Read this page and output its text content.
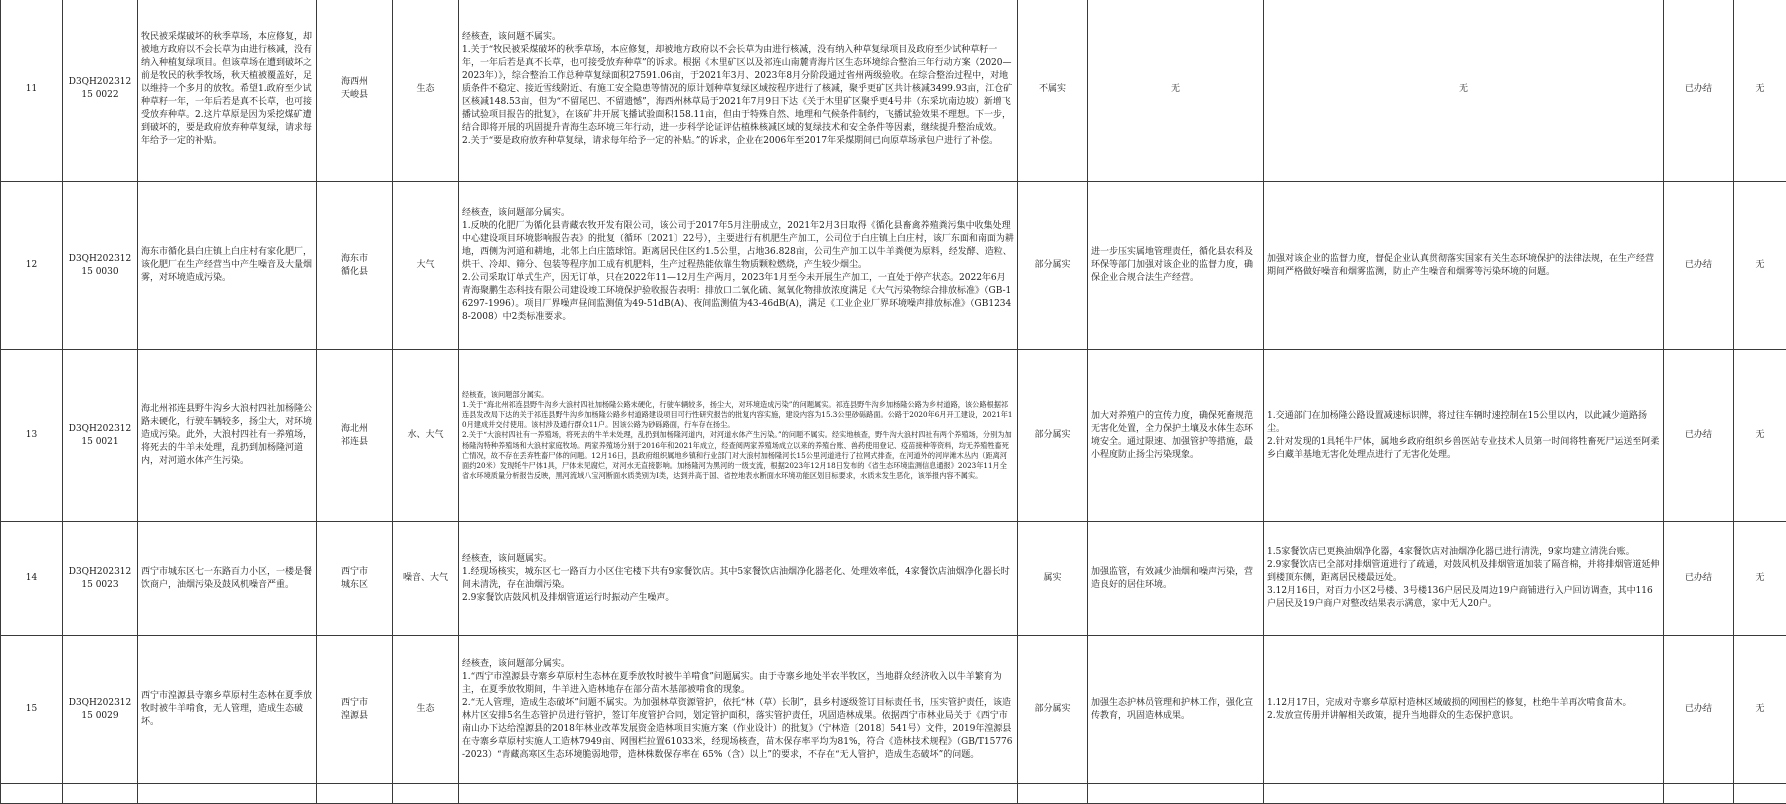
11	D3QH20231215 0022	牧民被采煤破坏的秋季草场，本应修复，却被地方政府以不会长草为由进行核减，没有纳入种植复绿项目。但该草场在遭到破坏之前是牧民的秋季牧场，秋天植被覆盖好，足以维持一个多月的放牧。希望1.政府至少试种草籽一年，一年后若是真不长草，也可接受放弃种草。2.这片草原是因为采挖煤矿遭到破坏的，要是政府放弃种草复绿，请求每年给予一定的补贴。	海西州
天峻县	生态	经核查，该问题不属实。
1.关于“牧民被采煤破坏的秋季草场，本应修复，却被地方政府以不会长草为由进行核减，没有纳入种草复绿项目及政府至少试种草籽一年，一年后若是真不长草，也可接受放弃种草”的诉求。根据《木里矿区以及祁连山南麓青海片区生态环境综合整治三年行动方案（2020—2023年）》，综合整治工作总种草复绿面积27591.06亩，于2021年3月、2023年8月分阶段通过省州两级验收。在综合整治过程中，对地质条件不稳定、接近雪线附近、有施工安全隐患等情况的原计划种草复绿区域按程序进行了核减，聚乎更矿区共计核减3499.93亩，江仓矿区核减148.53亩，但为“不留尾巴、不留遗憾”，海西州林草局于2021年7月9日下达《关于木里矿区聚乎更4号井（东采坑南边坡）新增飞播试验项目报告的批复》，在该矿井开展飞播试验面积158.11亩，但由于特殊自然、地理和气候条件制约，飞播试验效果不理想。下一步，结合即将开展的巩固提升青海生态环境三年行动，进一步科学论证评估植株核减区域的复绿技术和安全条件等因素，继续提升整治成效。
2.关于“要是政府放弃种草复绿，请求每年给予一定的补贴。”的诉求，企业在2006年至2017年采煤期间已向原草场承包户进行了补偿。	不属实	无	无	已办结	无
12	D3QH20231215 0030	海东市循化县白庄镇上白庄村有家化肥厂，该化肥厂在生产经营当中产生噪音及大量烟雾，对环境造成污染。	海东市
循化县	大气	经核查，该问题部分属实。
1.反映的化肥厂为循化县青藏农牧开发有限公司，该公司于2017年5月注册成立，2021年2月3日取得《循化县畜禽养殖粪污集中收集处理中心建设项目环境影响报告表》的批复（循环〔2021〕22号），主要进行有机肥生产加工，公司位于白庄镇上白庄村，该厂东面和南面为耕地，西侧为河道和耕地，北邻上白庄篮球馆。距离居民住区约1.5公里，占地36.828亩，公司生产加工以牛羊粪便为原料，经发酵、造粒、烘干、冷却、筛分、包装等程序加工成有机肥料，生产过程热能依靠生物质颗粒燃烧，产生较少烟尘。
2.公司采取订单式生产，因无订单，只在2022年11—12月生产两月，2023年1月至今未开展生产加工，一直处于停产状态。2022年6月青海聚鹏生态科技有限公司建设竣工环境保护验收报告表明：排放口二氧化硫、氮氧化物排放浓度满足《大气污染物综合排放标准》（GB-16297-1996）。项目厂界噪声昼间监测值为49-51dB(A)、夜间监测值为43-46dB(A)，满足《工业企业厂界环境噪声排放标准》（GB12348-2008）中2类标准要求。	部分属实	进一步压实属地管理责任，循化县农科及环保等部门加强对该企业的监督力度，确保企业合规合法生产经营。	加强对该企业的监督力度，督促企业认真贯彻落实国家有关生态环境保护的法律法规，在生产经营期间严格做好噪音和烟雾监测，防止产生噪音和烟雾等污染环境的问题。	已办结	无
13	D3QH20231215 0021	海北州祁连县野牛沟乡大浪村四社加杨隆公路未硬化，行驶车辆较多，扬尘大，对环境造成污染。此外，大浪村四社有一养殖场，将死去的牛羊未处理，乱扔到加杨隆河道内，对河道水体产生污染。	海北州
祁连县	水、大气	经核查，该问题部分属实。
1.关于“海北州祁连县野牛沟乡大浪村四社加杨隆公路未硬化，行驶车辆较多，扬尘大，对环境造成污染”的问题属实。祁连县野牛沟乡加杨隆公路为乡村道路，该公路根据祁连县发改局下达的关于祁连县野牛沟乡加杨隆公路乡村道路建设项目可行性研究报告的批复内容实施，建设内容为15.3公里砂砾路面。公路于2020年6月开工建设，2021年10月建成并交付使用。该村涉及通行群众11户。因该公路为砂砾路面，行车存在扬尘。
2.关于“大浪村四社有一养殖场，将死去的牛羊未处理，乱扔到加杨隆河道内，对河道水体产生污染。”的问题不属实。经实地核查，野牛沟大浪村四社有两个养殖场，分别为加杨隆沟特种养殖场和大浪村家庭牧场。两家养殖场分别于2016年和2021年成立，经查阅两家养殖场成立以来的养殖台账、兽药使用登记、疫苗接种等资料，均无养殖牲畜死亡情况，故不存在丢弃牲畜尸体的问题。12月16日，县政府组织属地乡镇和行业部门对大浪村加杨隆河长15公里河道进行了拉网式排查，在河道外的河岸滩木丛内（距离河面约20米）发现牦牛尸体1具，尸体未见腐烂，对河水无直接影响。加杨隆河为黑河的一级支流，根据2023年12月18日发布的《省生态环境监测信息通报》2023年11月全省水环境质量分析报告反映，黑河流域八宝河断面水质类别为I类，达到并高于国、省控地表水断面水环境功能区划目标要求，水质未发生恶化，该举报内容不属实。	部分属实	加大对养殖户的宣传力度，确保死畜规范无害化处置，全力保护土壤及水体生态环境安全。通过限速、加强管护等措施，最小程度防止扬尘污染现象。	1.交通部门在加杨隆公路设置减速标识牌，将过往车辆时速控制在15公里以内，以此减少道路扬尘。
2.针对发现的1具牦牛尸体，属地乡政府组织乡兽医站专业技术人员第一时间将牲畜死尸运送至阿柔乡白藏羊基地无害化处理点进行了无害化处理。	已办结	无
14	D3QH20231215 0023	西宁市城东区七一东路百力小区，一楼是餐饮商户，油烟污染及鼓风机噪音严重。	西宁市
城东区	噪音、大气	经核查，该问题属实。
1.经现场核实，城东区七一路百力小区住宅楼下共有9家餐饮店。其中5家餐饮店油烟净化器老化、处理效率低，4家餐饮店油烟净化器长时间未清洗，存在油烟污染。
2.9家餐饮店鼓风机及排烟管道运行时振动产生噪声。	属实	加强监管，有效减少油烟和噪声污染，营造良好的居住环境。	1.5家餐饮店已更换油烟净化器，4家餐饮店对油烟净化器已进行清洗，9家均建立清洗台账。
2.9家餐饮店已全部对排烟管道进行了疏通，对鼓风机及排烟管道加装了隔音棉，并将排烟管道延伸到楼顶东侧，距离居民楼最远处。
3.12月16日，对百力小区2号楼、3号楼136户居民及周边19户商铺进行入户回访调查，其中116户居民及19户商户对整改结果表示满意，家中无人20户。	已办结	无
15	D3QH20231215 0029	西宁市湟源县寺寨乡草原村生态林在夏季放牧时被牛羊啃食，无人管理，造成生态破坏。	西宁市
湟源县	生态	经核查，该问题部分属实。
1.“西宁市湟源县寺寨乡草原村生态林在夏季放牧时被牛羊啃食”问题属实。由于寺寨乡地处半农半牧区，当地群众经济收入以牛羊繁育为主，在夏季放牧期间，牛羊进入造林地存在部分苗木基部被啃食的现象。
2.“无人管理，造成生态破坏”问题不属实。为加强林草资源管护，依托“林（草）长制”，县乡村逐级签订目标责任书，压实管护责任，该造林片区安排5名生态管护员进行管护，签订年度管护合同，划定管护面积，落实管护责任，巩固造林成果。依据西宁市林业局关于《西宁市南山办下达给湟源县的2018年林业改革发展资金造林项目实施方案（作业设计）的批复》（宁林造〔2018〕541号）文件，2019年湟源县在寺寨乡草原村实施人工造林7949亩、网围栏拉置61033米，经现场核查，苗木保存率平均为81%，符合《造林技术规程》（GB/T15776-2023）“青藏高寒区生态环境脆弱地带，造林株数保存率在 65%（含）以上”的要求，不存在“无人管护，造成生态破坏”的问题。	部分属实	加强生态护林员管理和护林工作，强化宣传教育，巩固造林成果。	1.12月17日，完成对寺寨乡草原村造林区域破损的网围栏的修复，杜绝牛羊再次啃食苗木。
2.发放宣传册并讲解相关政策，提升当地群众的生态保护意识。	已办结	无
